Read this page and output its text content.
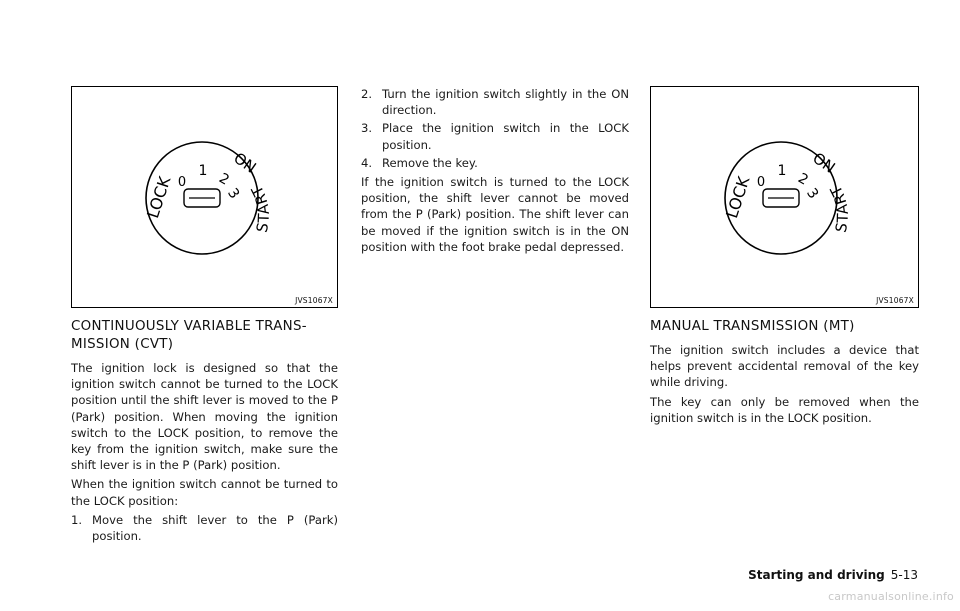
LOCK 0
1 2
3
START
ON
JVS1067X
LOCK 0
1 2
3
START
ON
JVS1067X
CONTINUOUSLY VARIABLE TRANS-
MISSION (CVT)

The ignition lock is designed so that the ignition switch cannot be turned to the LOCK position until the shift lever is moved to the P (Park) position. When moving the ignition switch to the LOCK position, to remove the key from the ignition switch, make sure the shift lever is in the P (Park) position.

When the ignition switch cannot be turned to the LOCK position:

1. Move the shift lever to the P (Park) position.
2. Turn the ignition switch slightly in the ON direction.
3. Place the ignition switch in the LOCK position.
4. Remove the key.

If the ignition switch is turned to the LOCK position, the shift lever cannot be moved from the P (Park) position. The shift lever can be moved if the ignition switch is in the ON position with the foot brake pedal depressed.

MANUAL TRANSMISSION (MT)

The ignition switch includes a device that helps prevent accidental removal of the key while driving.

The key can only be removed when the ignition switch is in the LOCK position.

Starting and driving 5-13
carmanualsonline.info
